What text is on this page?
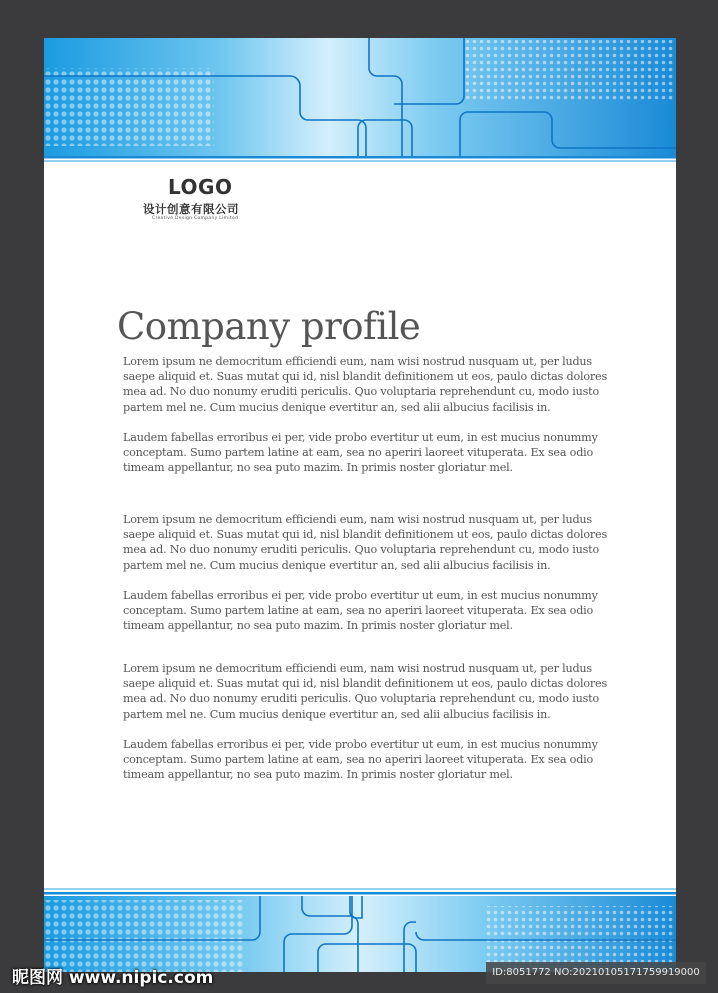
LOGO
设计创意有限公司
Creative Design Company Limited
Company profile

Lorem ipsum ne democritum efficiendi eum, nam wisi nostrud nusquam ut, per ludus saepe aliquid et. Suas mutat qui id, nisl blandit definitionem ut eos, paulo dictas dolores mea ad. No duo nonumy eruditi periculis. Quo voluptaria reprehendunt cu, modo iusto partem mel ne. Cum mucius denique evertitur an, sed alii albucius facilisis in.

Laudem fabellas erroribus ei per, vide probo evertitur ut eum, in est mucius nonummy conceptam. Sumo partem latine at eam, sea no aperiri laoreet vituperata. Ex sea odio timeam appellantur, no sea puto mazim. In primis noster gloriatur mel.

Lorem ipsum ne democritum efficiendi eum, nam wisi nostrud nusquam ut, per ludus saepe aliquid et. Suas mutat qui id, nisl blandit definitionem ut eos, paulo dictas dolores mea ad. No duo nonumy eruditi periculis. Quo voluptaria reprehendunt cu, modo iusto partem mel ne. Cum mucius denique evertitur an, sed alii albucius facilisis in.

Laudem fabellas erroribus ei per, vide probo evertitur ut eum, in est mucius nonummy conceptam. Sumo partem latine at eam, sea no aperiri laoreet vituperata. Ex sea odio timeam appellantur, no sea puto mazim. In primis noster gloriatur mel.

Lorem ipsum ne democritum efficiendi eum, nam wisi nostrud nusquam ut, per ludus saepe aliquid et. Suas mutat qui id, nisl blandit definitionem ut eos, paulo dictas dolores mea ad. No duo nonumy eruditi periculis. Quo voluptaria reprehendunt cu, modo iusto partem mel ne. Cum mucius denique evertitur an, sed alii albucius facilisis in.

Laudem fabellas erroribus ei per, vide probo evertitur ut eum, in est mucius nonummy conceptam. Sumo partem latine at eam, sea no aperiri laoreet vituperata. Ex sea odio timeam appellantur, no sea puto mazim. In primis noster gloriatur mel.

昵图网 www.nipic.com	ID:8051772 NO:20210105171759919000
